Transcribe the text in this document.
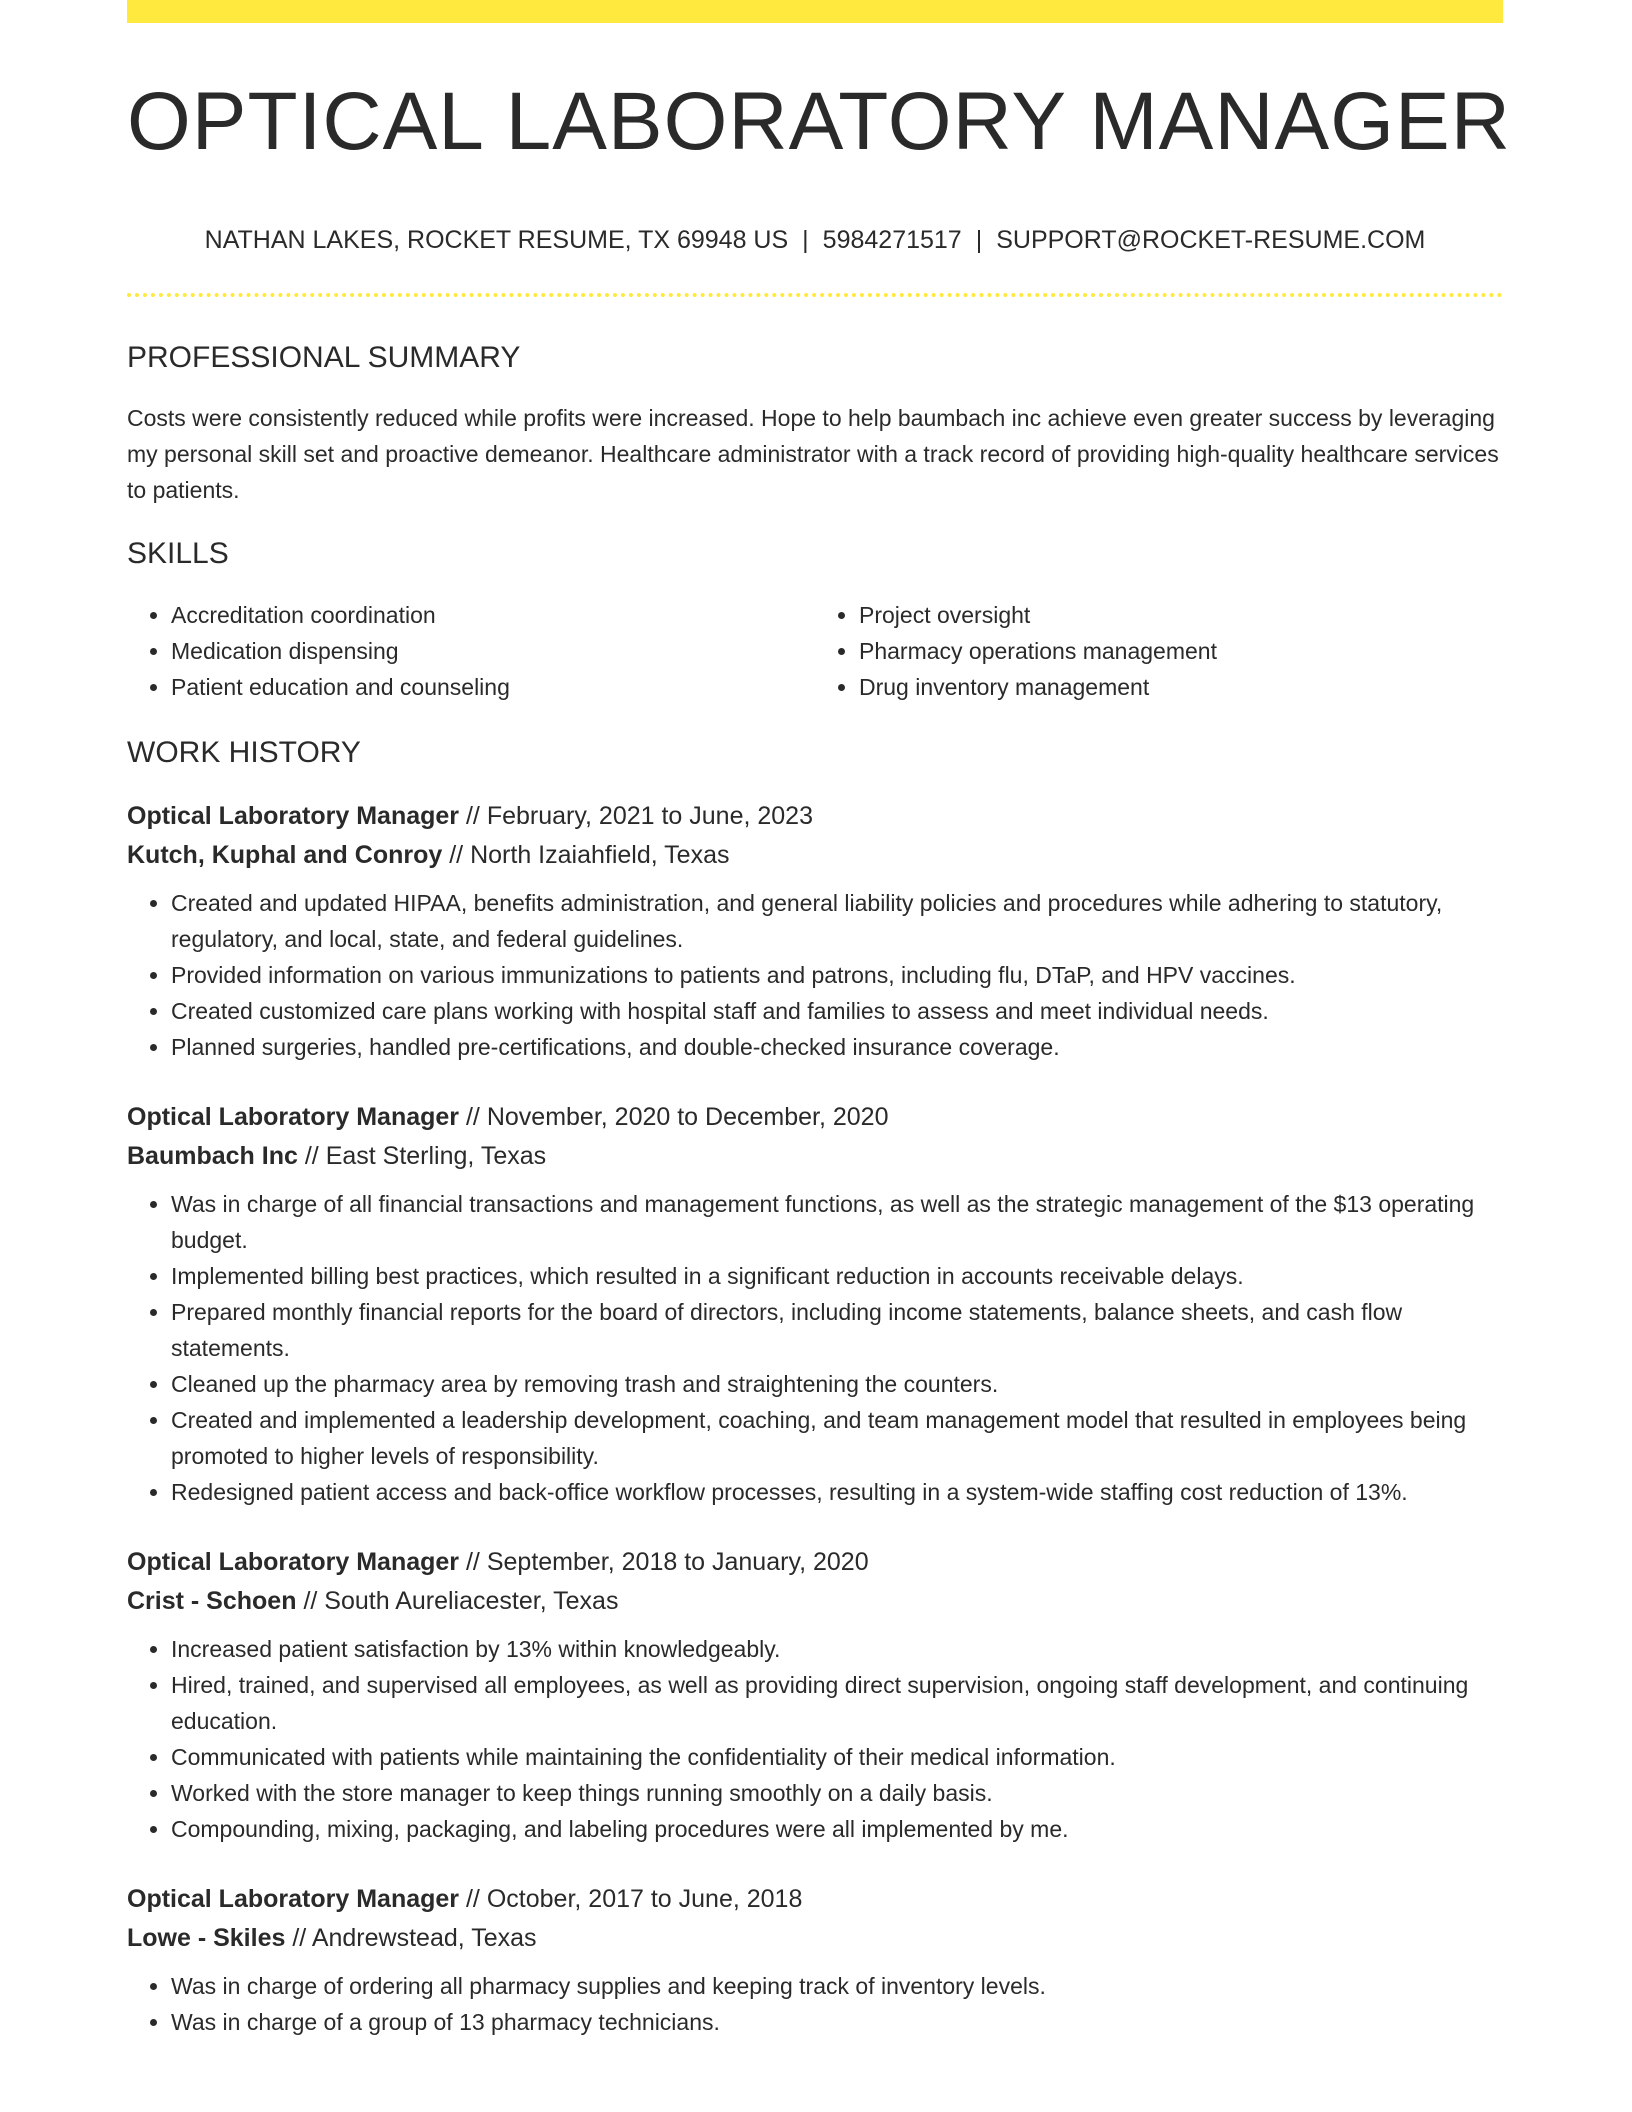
OPTICAL LABORATORY MANAGER
NATHAN LAKES, ROCKET RESUME, TX 69948 US | 5984271517 | SUPPORT@ROCKET-RESUME.COM
PROFESSIONAL SUMMARY

Costs were consistently reduced while profits were increased. Hope to help baumbach inc achieve even greater success by leveraging my personal skill set and proactive demeanor. Healthcare administrator with a track record of providing high-quality healthcare services to patients.

SKILLS
• Accreditation coordination
• Medication dispensing
• Patient education and counseling
• Project oversight
• Pharmacy operations management
• Drug inventory management
WORK HISTORY
Optical Laboratory Manager // February, 2021 to June, 2023
Kutch, Kuphal and Conroy // North Izaiahfield, Texas
• Created and updated HIPAA, benefits administration, and general liability policies and procedures while adhering to statutory, regulatory, and local, state, and federal guidelines.
• Provided information on various immunizations to patients and patrons, including flu, DTaP, and HPV vaccines.
• Created customized care plans working with hospital staff and families to assess and meet individual needs.
• Planned surgeries, handled pre-certifications, and double-checked insurance coverage.
Optical Laboratory Manager // November, 2020 to December, 2020
Baumbach Inc // East Sterling, Texas
• Was in charge of all financial transactions and management functions, as well as the strategic management of the $13 operating budget.
• Implemented billing best practices, which resulted in a significant reduction in accounts receivable delays.
• Prepared monthly financial reports for the board of directors, including income statements, balance sheets, and cash flow statements.
• Cleaned up the pharmacy area by removing trash and straightening the counters.
• Created and implemented a leadership development, coaching, and team management model that resulted in employees being promoted to higher levels of responsibility.
• Redesigned patient access and back-office workflow processes, resulting in a system-wide staffing cost reduction of 13%.
Optical Laboratory Manager // September, 2018 to January, 2020
Crist - Schoen // South Aureliacester, Texas
• Increased patient satisfaction by 13% within knowledgeably.
• Hired, trained, and supervised all employees, as well as providing direct supervision, ongoing staff development, and continuing education.
• Communicated with patients while maintaining the confidentiality of their medical information.
• Worked with the store manager to keep things running smoothly on a daily basis.
• Compounding, mixing, packaging, and labeling procedures were all implemented by me.
Optical Laboratory Manager // October, 2017 to June, 2018
Lowe - Skiles // Andrewstead, Texas
• Was in charge of ordering all pharmacy supplies and keeping track of inventory levels.
• Was in charge of a group of 13 pharmacy technicians.
